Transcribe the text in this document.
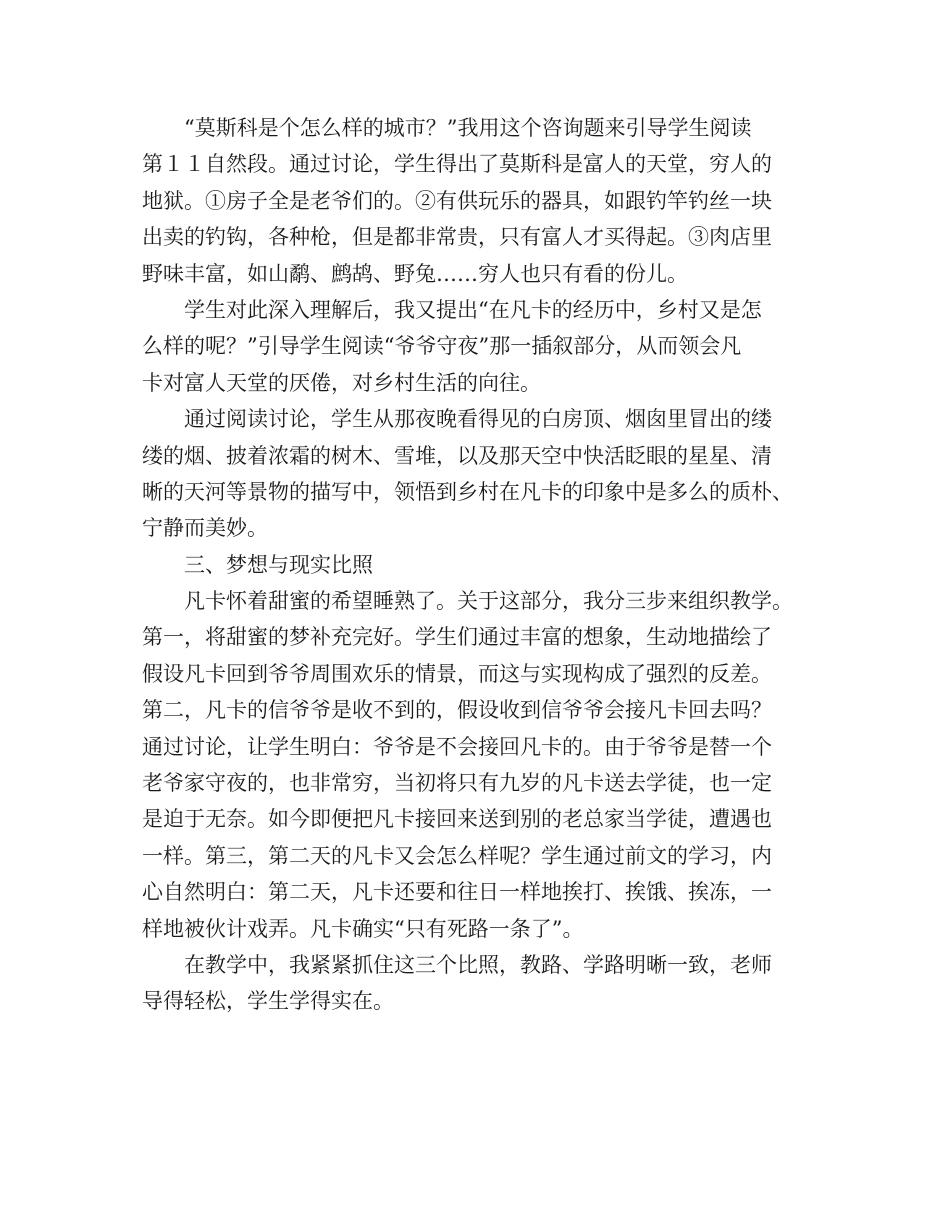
“莫斯科是个怎么样的城市？”我用这个咨询题来引导学生阅读
第１１自然段。通过讨论，学生得出了莫斯科是富人的天堂，穷人的
地狱。①房子全是老爷们的。②有供玩乐的器具，如跟钓竿钓丝一块
出卖的钓钩，各种枪，但是都非常贵，只有富人才买得起。③肉店里
野味丰富，如山鹬、鹧鸪、野兔……穷人也只有看的份儿。
学生对此深入理解后，我又提出“在凡卡的经历中，乡村又是怎
么样的呢？”引导学生阅读“爷爷守夜”那一插叙部分，从而领会凡
卡对富人天堂的厌倦，对乡村生活的向往。
通过阅读讨论，学生从那夜晚看得见的白房顶、烟囱里冒出的缕
缕的烟、披着浓霜的树木、雪堆，以及那天空中快活眨眼的星星、清
晰的天河等景物的描写中，领悟到乡村在凡卡的印象中是多么的质朴、
宁静而美妙。
三、梦想与现实比照
凡卡怀着甜蜜的希望睡熟了。关于这部分，我分三步来组织教学。
第一，将甜蜜的梦补充完好。学生们通过丰富的想象，生动地描绘了
假设凡卡回到爷爷周围欢乐的情景，而这与实现构成了强烈的反差。
第二，凡卡的信爷爷是收不到的，假设收到信爷爷会接凡卡回去吗？
通过讨论，让学生明白：爷爷是不会接回凡卡的。由于爷爷是替一个
老爷家守夜的，也非常穷，当初将只有九岁的凡卡送去学徒，也一定
是迫于无奈。如今即便把凡卡接回来送到别的老总家当学徒，遭遇也
一样。第三，第二天的凡卡又会怎么样呢？学生通过前文的学习，内
心自然明白：第二天，凡卡还要和往日一样地挨打、挨饿、挨冻，一
样地被伙计戏弄。凡卡确实“只有死路一条了”。
在教学中，我紧紧抓住这三个比照，教路、学路明晰一致，老师
导得轻松，学生学得实在。
